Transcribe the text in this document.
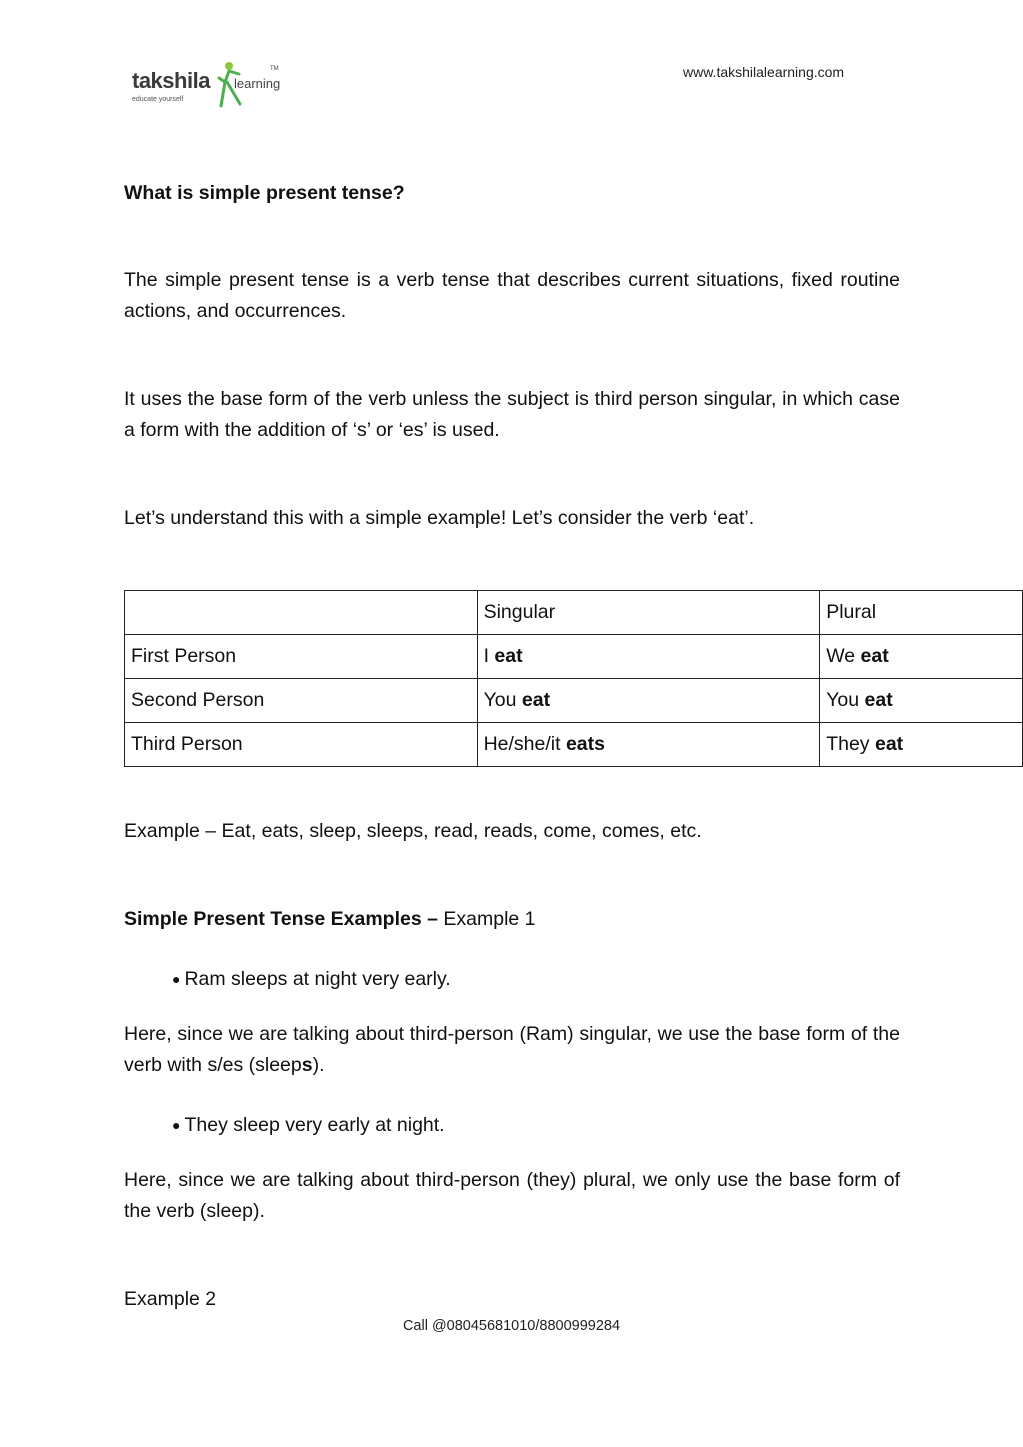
takshila learning
TM
educate yourself
www.takshilalearning.com
What is simple present tense?
The simple present tense is a verb tense that describes current situations, fixed routine actions, and occurrences.
It uses the base form of the verb unless the subject is third person singular, in which case a form with the addition of ‘s’ or ‘es’ is used.
Let’s understand this with a simple example! Let’s consider the verb ‘eat’.
	Singular	Plural
First Person	I eat	We eat
Second Person	You eat	You eat
Third Person	He/she/it eats	They eat
Example – Eat, eats, sleep, sleeps, read, reads, come, comes, etc.
Simple Present Tense Examples – Example 1
● Ram sleeps at night very early.
Here, since we are talking about third-person (Ram) singular, we use the base form of the verb with s/es (sleeps).
● They sleep very early at night.
Here, since we are talking about third-person (they) plural, we only use the base form of the verb (sleep).
Example 2
Call @08045681010/8800999284
